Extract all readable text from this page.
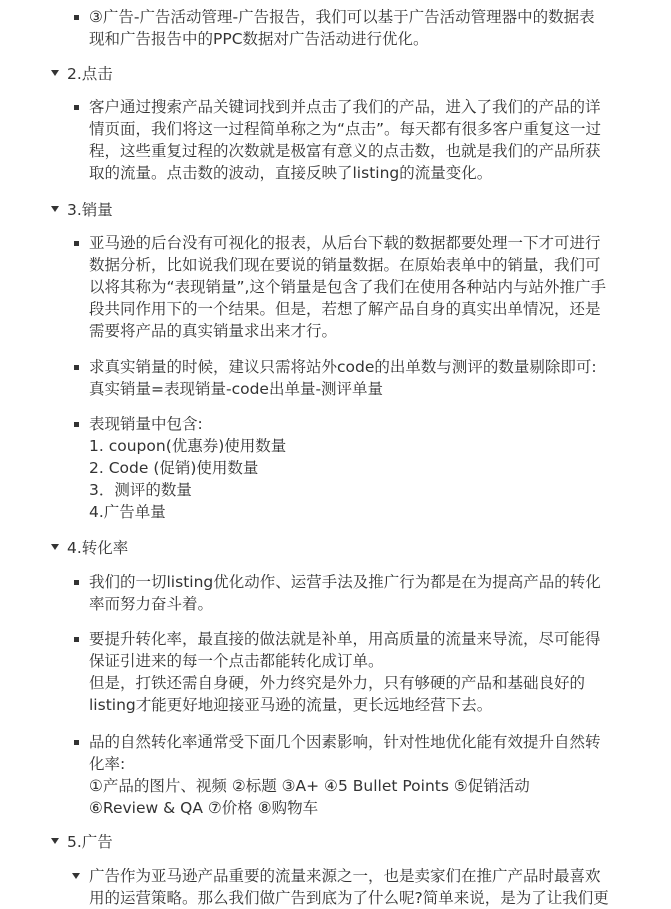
③广告-广告活动管理-广告报告，我们可以基于广告活动管理器中的数据表
现和广告报告中的PPC数据对广告活动进行优化。
2.点击
客户通过搜索产品关键词找到并点击了我们的产品，进入了我们的产品的详
情页面，我们将这一过程简单称之为“点击”。每天都有很多客户重复这一过
程，这些重复过程的次数就是极富有意义的点击数，也就是我们的产品所获
取的流量。点击数的波动，直接反映了listing的流量变化。
3.销量
亚马逊的后台没有可视化的报表，从后台下载的数据都要处理一下才可进行
数据分析，比如说我们现在要说的销量数据。在原始表单中的销量，我们可
以将其称为“表现销量”,这个销量是包含了我们在使用各种站内与站外推广手
段共同作用下的一个结果。但是，若想了解产品自身的真实出单情况，还是
需要将产品的真实销量求出来才行。
求真实销量的时候，建议只需将站外code的出单数与测评的数量剔除即可:
真实销量=表现销量-code出单量-测评单量
表现销量中包含:
1. coupon(优惠券)使用数量
2. Code (促销)使用数量
3．测评的数量
4.广告单量
4.转化率
我们的一切listing优化动作、运营手法及推广行为都是在为提高产品的转化
率而努力奋斗着。
要提升转化率，最直接的做法就是补单，用高质量的流量来导流，尽可能得
保证引进来的每一个点击都能转化成订单。
但是，打铁还需自身硬，外力终究是外力，只有够硬的产品和基础良好的
listing才能更好地迎接亚马逊的流量，更长远地经营下去。
品的自然转化率通常受下面几个因素影响，针对性地优化能有效提升自然转
化率:
①产品的图片、视频 ②标题 ③A+ ④5 Bullet Points ⑤促销活动
⑥Review & QA ⑦价格 ⑧购物车
5.广告
广告作为亚马逊产品重要的流量来源之一，也是卖家们在推广产品时最喜欢
用的运营策略。那么我们做广告到底为了什么呢?简单来说，是为了让我们更
